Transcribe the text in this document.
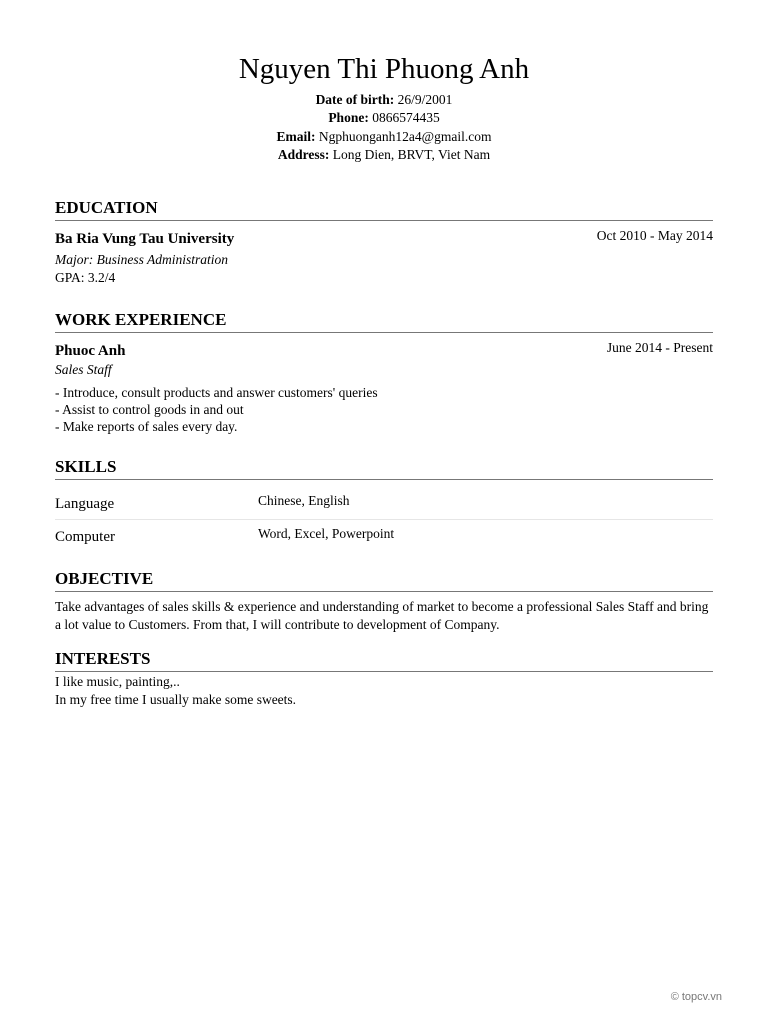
Nguyen Thi Phuong Anh
Date of birth: 26/9/2001
Phone: 0866574435
Email: Ngphuonganh12a4@gmail.com
Address: Long Dien, BRVT, Viet Nam
EDUCATION
Ba Ria Vung Tau University	Oct 2010 - May 2014
Major: Business Administration
GPA: 3.2/4
WORK EXPERIENCE
Phuoc Anh	June 2014 - Present
Sales Staff
- Introduce, consult products and answer customers' queries
- Assist to control goods in and out
- Make reports of sales every day.
SKILLS
Language	Chinese, English
Computer	Word, Excel, Powerpoint
OBJECTIVE
Take advantages of sales skills & experience and understanding of market to become a professional Sales Staff and bring a lot value to Customers. From that, I will contribute to development of Company.
INTERESTS
I like music, painting,..
In my free time I usually make some sweets.
© topcv.vn
